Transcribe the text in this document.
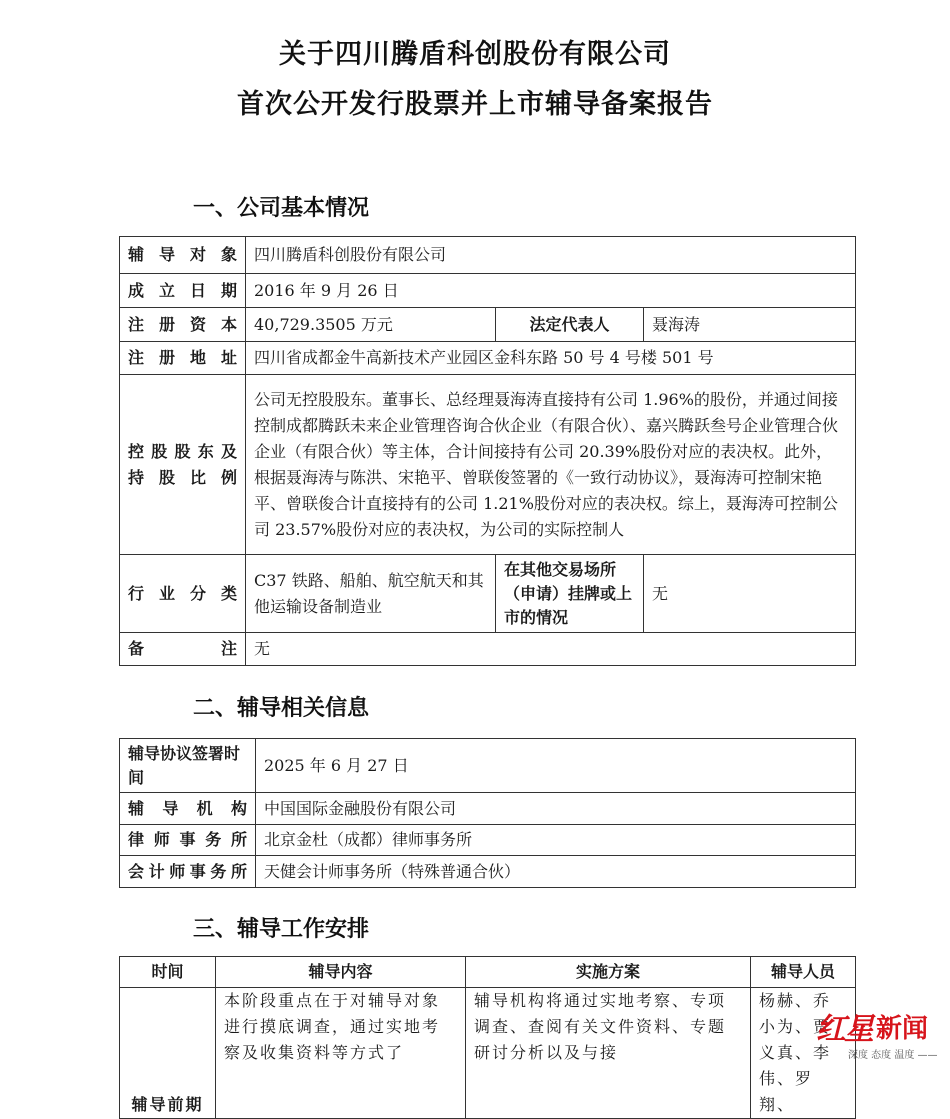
关于四川腾盾科创股份有限公司
首次公开发行股票并上市辅导备案报告
一、公司基本情况
辅导对象	四川腾盾科创股份有限公司		
成立日期	2016 年 9 月 26 日		
注册资本	40,729.3505 万元	法定代表人	聂海涛
注册地址	四川省成都金牛高新技术产业园区金科东路 50 号 4 号楼 501 号		

控股股东及
持股比例	公司无控股股东。董事长、总经理聂海涛直接持有公司 1.96%的股份，并通过间接控制成都腾跃未来企业管理咨询合伙企业（有限合伙）、嘉兴腾跃叁号企业管理合伙企业（有限合伙）等主体，合计间接持有公司 20.39%股份对应的表决权。此外，根据聂海涛与陈洪、宋艳平、曾联俊签署的《一致行动协议》，聂海涛可控制宋艳平、曾联俊合计直接持有的公司 1.21%股份对应的表决权。综上，聂海涛可控制公司 23.57%股份对应的表决权，为公司的实际控制人		
行业分类	C37 铁路、船舶、航空航天和其他运输设备制造业	在其他交易场所（申请）挂牌或上市的情况	无
备注	无		
二、辅导相关信息
辅导协议签署时间	2025 年 6 月 27 日
辅导机构	中国国际金融股份有限公司
律师事务所	北京金杜（成都）律师事务所
会计师事务所	天健会计师事务所（特殊普通合伙）
三、辅导工作安排
时间	辅导内容	实施方案	辅导人员
辅导前期	本阶段重点在于对辅导对象进行摸底调查，通过实地考察及收集资料等方式了	辅导机构将通过实地考察、专项调查、查阅有关文件资料、专题研讨分析以及与接	杨赫、乔小为、贾义真、李伟、罗翔、
红星 新闻
深度 态度 温度 ——
